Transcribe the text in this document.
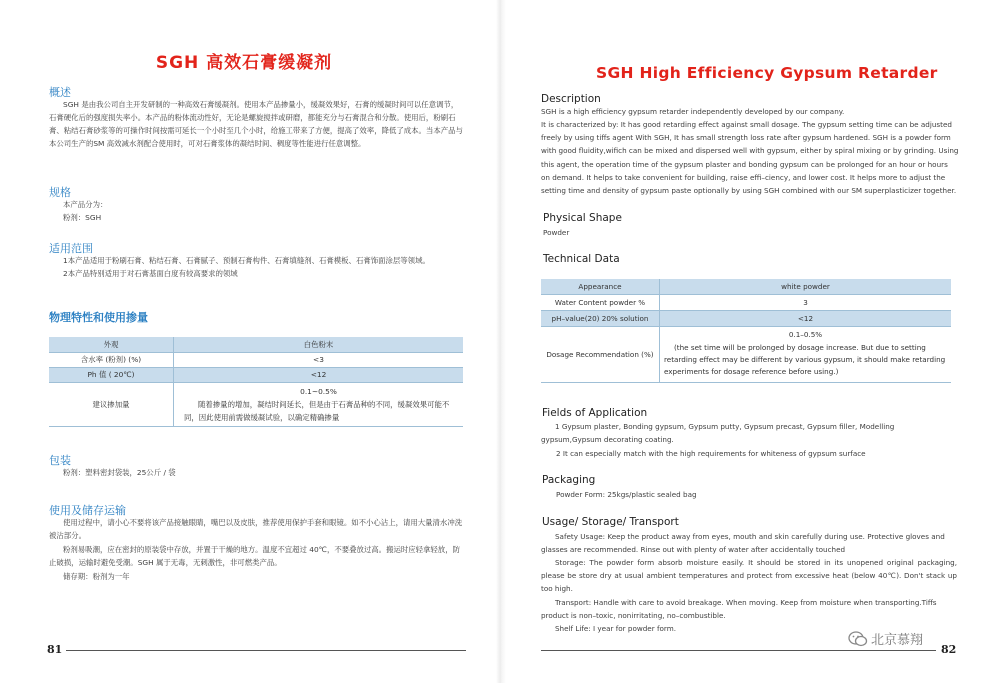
SGH 高效石膏缓凝剂
概述

SGH 是由我公司自主开发研制的一种高效石膏缓凝剂。使用本产品掺量小，缓凝效果好，石膏的缓凝时间可以任意调节，石膏硬化后的强度损失率小。本产品的粉体流动性好，无论是螺旋搅拌或研磨，都能充分与石膏混合和分散。使用后，粉刷石膏、粘结石膏砂浆等的可操作时间按需可延长一个小时至几个小时，给施工带来了方便，提高了效率，降低了成本。当本产品与本公司生产的SM 高效减水剂配合使用时，可对石膏浆体的凝结时间、稠度等性能进行任意调整。

规格

本产品分为：

粉剂：SGH

适用范围

1本产品适用于粉刷石膏、粘结石膏、石膏腻子、预制石膏构件、石膏填缝剂、石膏模板、石膏饰面涂层等领域。

2本产品特别适用于对石膏基面白度有较高要求的领域

物理特性和使用掺量
外观	白色粉末
含水率 (粉剂) (%)	<3
Ph 值 ( 20℃)	<12
建议掺加量	0.1~0.5%
随着掺量的增加，凝结时间延长，但是由于石膏品种的不同，缓凝效果可能不同，因此使用前需做缓凝试验，以确定精确掺量
包装

粉剂：塑料密封袋装，25公斤 / 袋

使用及储存运输

使用过程中，请小心不要将该产品接触眼睛，嘴巴以及皮肤，推荐使用保护手套和眼镜。如不小心沾上，请用大量清水冲洗被沾部分。

粉剂易吸潮，应在密封的原装袋中存放，并置于干燥的地方。温度不宜超过 40℃，不要叠放过高。搬运时应轻拿轻放，防止破损，运输时避免受潮。SGH 属于无毒，无刺激性，非可燃类产品。

储存期：粉剂为一年

81
SGH High Efficiency Gypsum Retarder
Description

SGH is a high efficiency gypsum retarder independently developed by our company.

It is characterized by: It has good retarding effect against small dosage. The gypsum setting time can be adjusted freely by using tiffs agent With SGH, It has small strength loss rate after gypsum hardened. SGH is a powder form with good fluidity,wifich can be mixed and dispersed well with gypsum, either by spiral mixing or by grinding. Using this agent, the operation time of the gypsum plaster and bonding gypsum can be prolonged for an hour or hours on demand. It helps to take convenient for building, raise effi–ciency, and lower cost. It helps more to adjust the setting time and density of gypsum paste optionally by using SGH combined with our SM superplasticizer together.

Physical Shape

Powder

Technical Data
Appearance	white powder
Water Content powder %	3
pH–value(20) 20% solution	<12
Dosage Recommendation (%)	0.1–0.5%
(the set time will be prolonged by dosage increase. But due to setting retarding effect may be different by various gypsum, it should make retarding experiments for dosage reference before using.)
Fields of Application

1 Gypsum plaster, Bonding gypsum, Gypsum putty, Gypsum precast, Gypsum filler, Modelling gypsum,Gypsum decorating coating.

2 It can especially match with the high requirements for whiteness of gypsum surface

Packaging

Powder Form: 25kgs/plastic sealed bag

Usage/ Storage/ Transport

Safety Usage: Keep the product away from eyes, mouth and skin carefully during use. Protective gloves and glasses are recommended. Rinse out with plenty of water after accidentally touched

Storage: The powder form absorb moisture easily. It should be stored in its unopened original packaging, please be store dry at usual ambient temperatures and protect from excessive heat (below 40℃). Don't stack up too high.

Transport: Handle with care to avoid breakage. When moving. Keep from moisture when transporting.Tiffs product is non–toxic, nonirritating, no–combustible.

Shelf Life: I year for powder form.

82
北京慕翔
